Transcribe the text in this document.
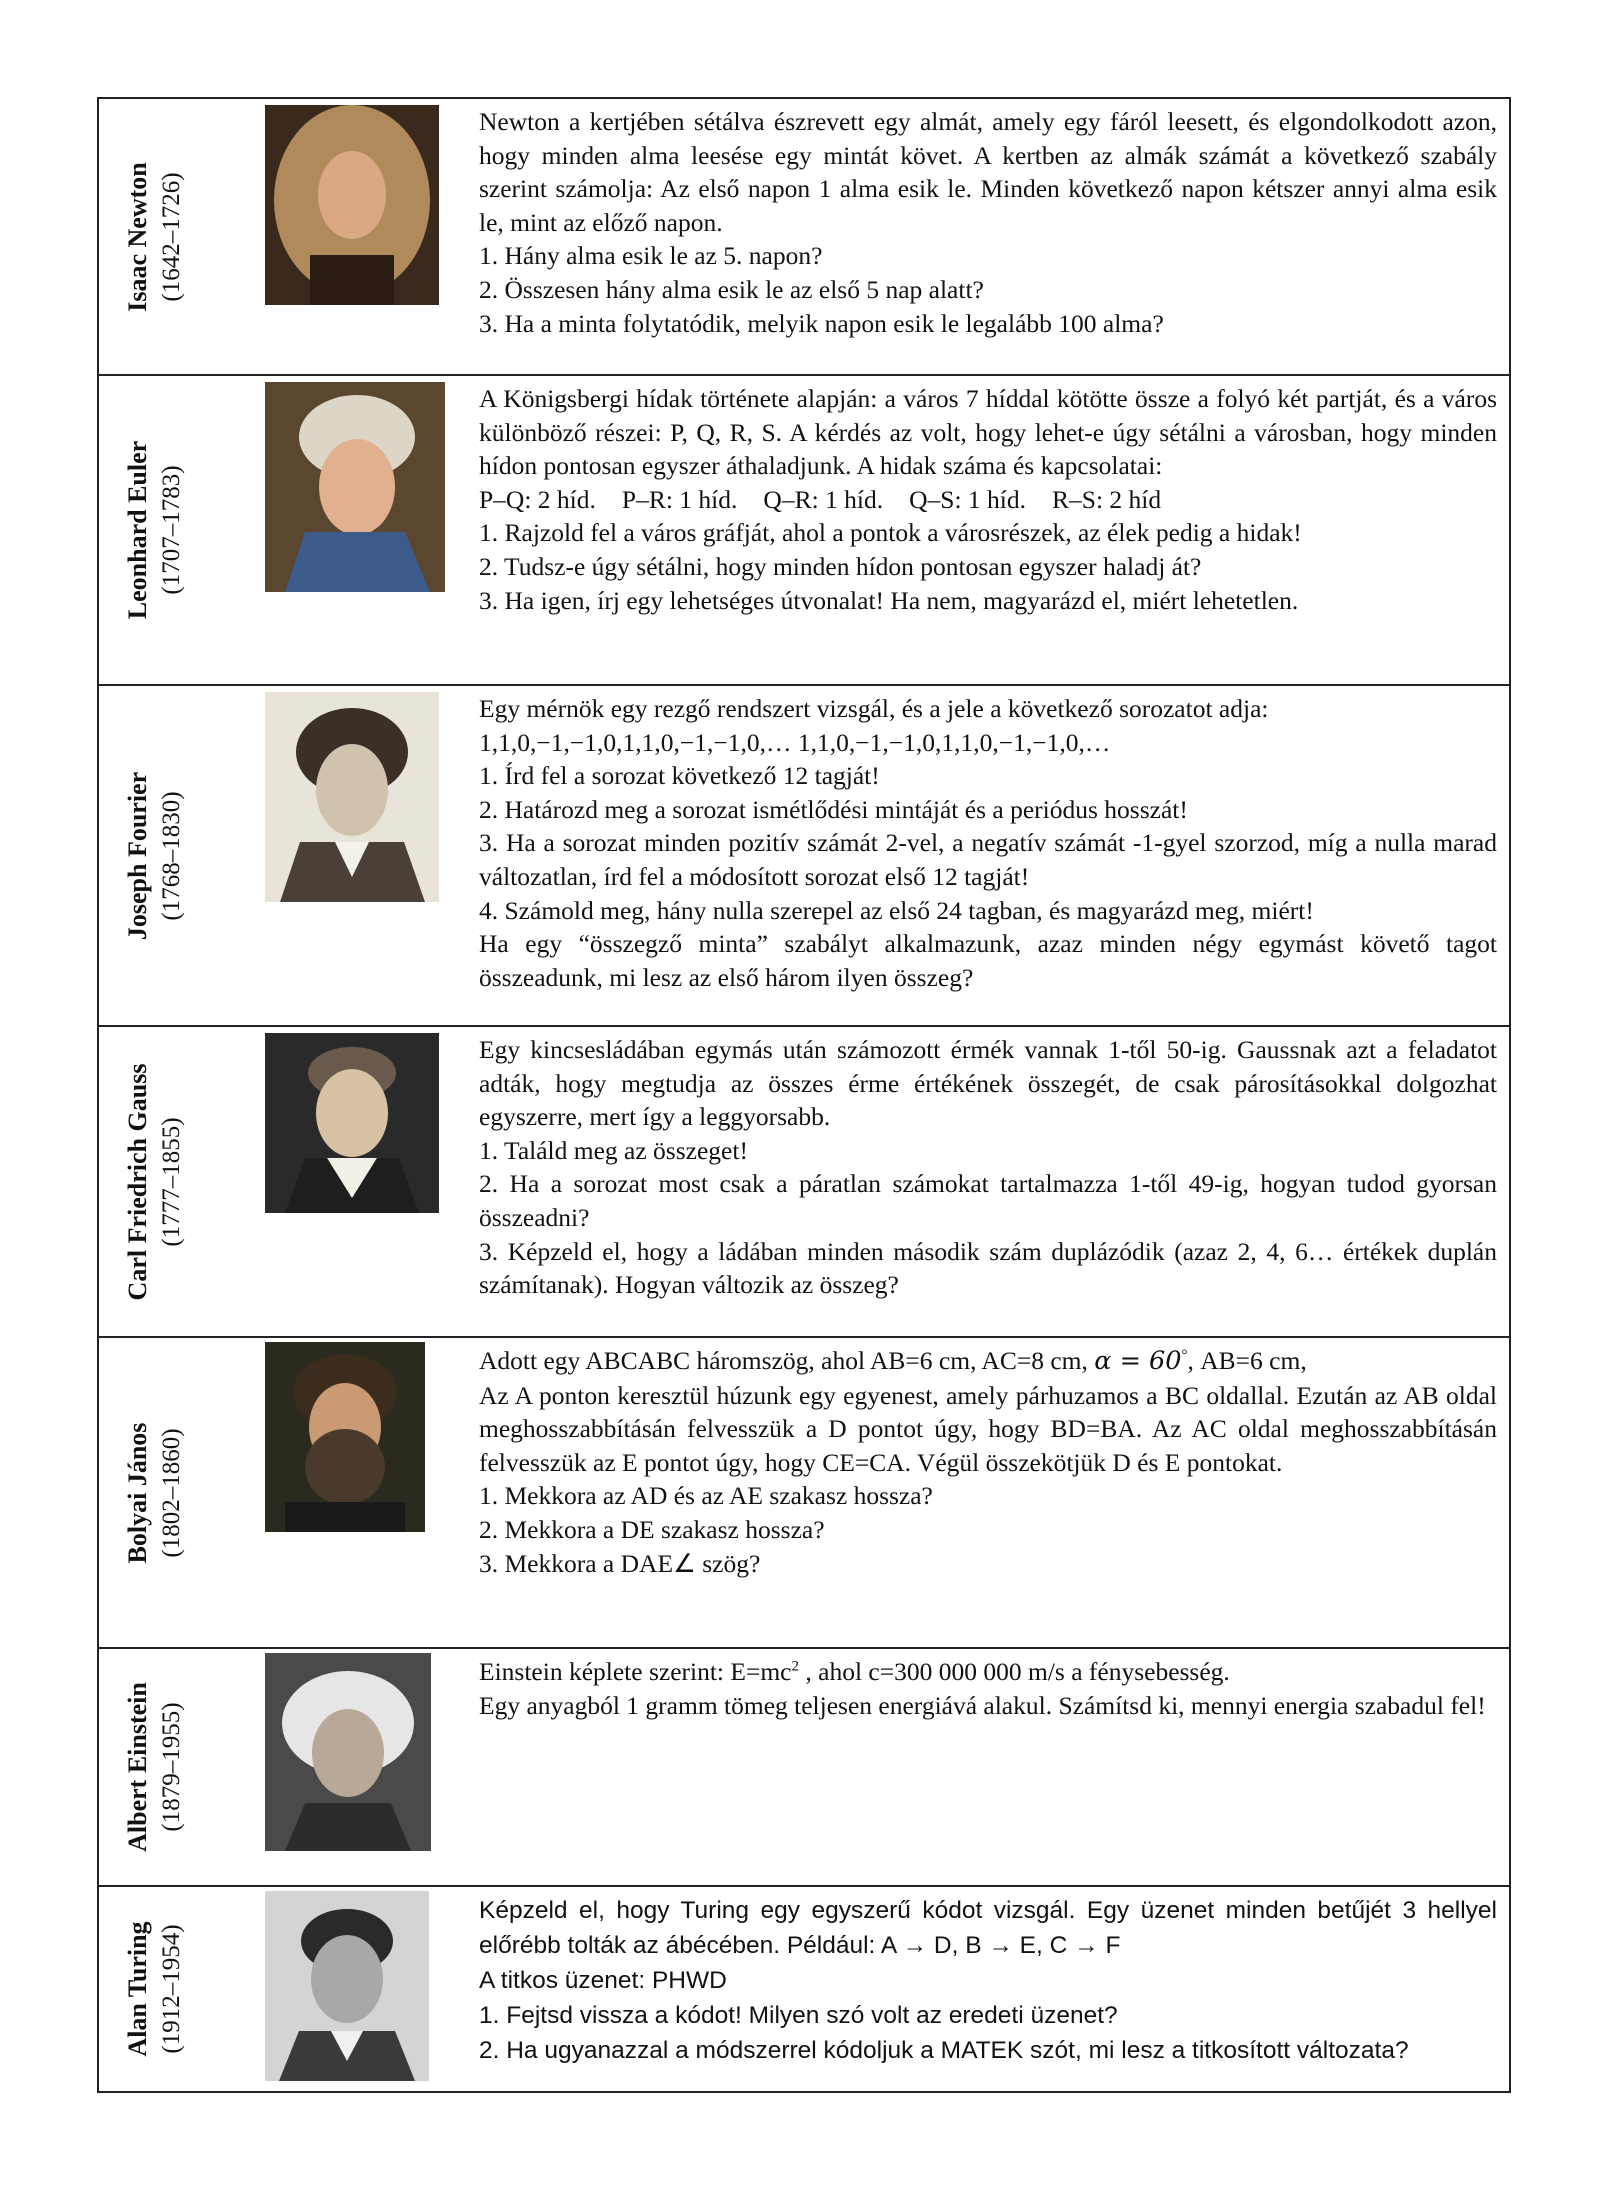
Isaac Newton (1642–1726)

Newton a kertjében sétálva észrevett egy almát, amely egy fáról leesett, és elgondolkodott azon, hogy minden alma leesése egy mintát követ. A kertben az almák számát a következő szabály szerint számolja: Az első napon 1 alma esik le. Minden következő napon kétszer annyi alma esik le, mint az előző napon.

1. Hány alma esik le az 5. napon?

2. Összesen hány alma esik le az első 5 nap alatt?

3. Ha a minta folytatódik, melyik napon esik le legalább 100 alma?

Leonhard Euler (1707–1783)

A Königsbergi hídak története alapján: a város 7 híddal kötötte össze a folyó két partját, és a város különböző részei: P, Q, R, S. A kérdés az volt, hogy lehet-e úgy sétálni a városban, hogy minden hídon pontosan egyszer áthaladjunk. A hidak száma és kapcsolatai:

P–Q: 2 híd. P–R: 1 híd. Q–R: 1 híd. Q–S: 1 híd. R–S: 2 híd

1. Rajzold fel a város gráfját, ahol a pontok a városrészek, az élek pedig a hidak!

2. Tudsz-e úgy sétálni, hogy minden hídon pontosan egyszer haladj át?

3. Ha igen, írj egy lehetséges útvonalat! Ha nem, magyarázd el, miért lehetetlen.

Joseph Fourier (1768–1830)

Egy mérnök egy rezgő rendszert vizsgál, és a jele a következő sorozatot adja:

1,1,0,−1,−1,0,1,1,0,−1,−1,0,… 1,1,0,−1,−1,0,1,1,0,−1,−1,0,…

1. Írd fel a sorozat következő 12 tagját!

2. Határozd meg a sorozat ismétlődési mintáját és a periódus hosszát!

3. Ha a sorozat minden pozitív számát 2-vel, a negatív számát -1-gyel szorzod, míg a nulla marad változatlan, írd fel a módosított sorozat első 12 tagját!

4. Számold meg, hány nulla szerepel az első 24 tagban, és magyarázd meg, miért!

Ha egy “összegző minta” szabályt alkalmazunk, azaz minden négy egymást követő tagot összeadunk, mi lesz az első három ilyen összeg?

Carl Friedrich Gauss (1777–1855)

Egy kincsesládában egymás után számozott érmék vannak 1-től 50-ig. Gaussnak azt a feladatot adták, hogy megtudja az összes érme értékének összegét, de csak párosításokkal dolgozhat egyszerre, mert így a leggyorsabb.

1. Találd meg az összeget!

2. Ha a sorozat most csak a páratlan számokat tartalmazza 1-től 49-ig, hogyan tudod gyorsan összeadni?

3. Képzeld el, hogy a ládában minden második szám duplázódik (azaz 2, 4, 6… értékek duplán számítanak). Hogyan változik az összeg?

Bolyai János (1802–1860)

Adott egy ABCABC háromszög, ahol AB=6 cm, AC=8 cm, α = 60°, AB=6 cm,

Az A ponton keresztül húzunk egy egyenest, amely párhuzamos a BC oldallal. Ezután az AB oldal meghosszabbításán felvesszük a D pontot úgy, hogy BD=BA. Az AC oldal meghosszabbításán felvesszük az E pontot úgy, hogy CE=CA. Végül összekötjük D és E pontokat.

1. Mekkora az AD és az AE szakasz hossza?

2. Mekkora a DE szakasz hossza?

3. Mekkora a DAE∠ szög?

Albert Einstein (1879–1955)

Einstein képlete szerint: $E=mc^2$ , ahol c=300 000 000 m/s a fénysebesség.

Egy anyagból 1 gramm tömeg teljesen energiává alakul. Számítsd ki, mennyi energia szabadul fel!

Alan Turing (1912–1954)

Képzeld el, hogy Turing egy egyszerű kódot vizsgál. Egy üzenet minden betűjét 3 hellyel előrébb tolták az ábécében. Például: A → D, B → E, C → F

A titkos üzenet: PHWD

1. Fejtsd vissza a kódot! Milyen szó volt az eredeti üzenet?

2. Ha ugyanazzal a módszerrel kódoljuk a MATEK szót, mi lesz a titkosított változata?
